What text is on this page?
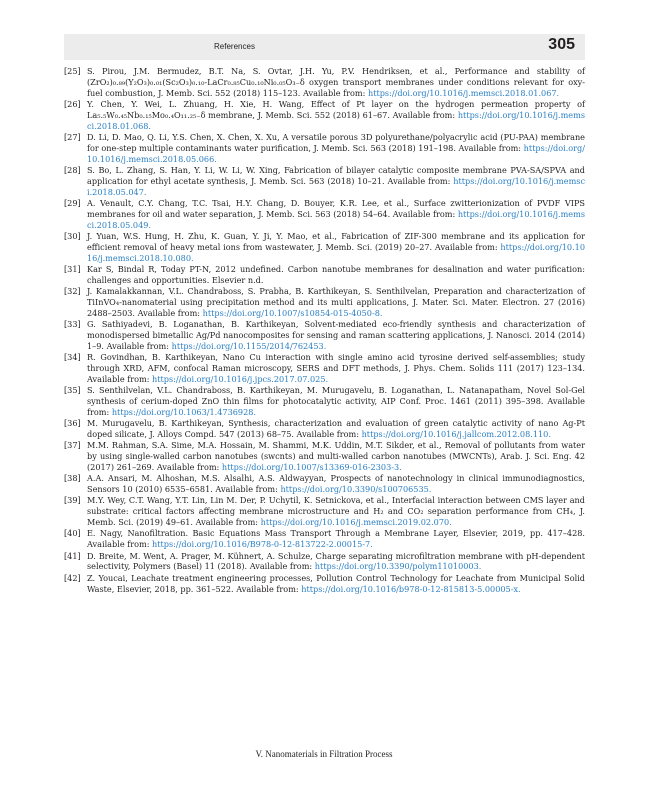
References	305
[25] S. Pirou, J.M. Bermudez, B.T. Na, S. Ovtar, J.H. Yu, P.V. Hendriksen, et al., Performance and stability of (ZrO₂)₀.₈₉(Y₂O₃)₀.₀₁(Sc₂O₃)₀.₁₀-LaCr₀.₈₅Cu₀.₁₀Ni₀.₀₅O₃₋δ oxygen transport membranes under conditions relevant for oxy-fuel combustion, J. Memb. Sci. 552 (2018) 115–123. Available from: https://doi.org/10.1016/j.memsci.2018.01.067.
[26] Y. Chen, Y. Wei, L. Zhuang, H. Xie, H. Wang, Effect of Pt layer on the hydrogen permeation property of La₅.₅W₀.₄₅Nb₀.₁₅Mo₀.₄O₁₁.₂₅₋δ membrane, J. Memb. Sci. 552 (2018) 61–67. Available from: https://doi.org/10.1016/j.memsci.2018.01.068.
[27] D. Li, D. Mao, Q. Li, Y.S. Chen, X. Chen, X. Xu, A versatile porous 3D polyurethane/polyacrylic acid (PU-PAA) membrane for one-step multiple contaminants water purification, J. Memb. Sci. 563 (2018) 191–198. Available from: https://doi.org/10.1016/j.memsci.2018.05.066.
[28] S. Bo, L. Zhang, S. Han, Y. Li, W. Li, W. Xing, Fabrication of bilayer catalytic composite membrane PVA-SA/SPVA and application for ethyl acetate synthesis, J. Memb. Sci. 563 (2018) 10–21. Available from: https://doi.org/10.1016/j.memsci.2018.05.047.
[29] A. Venault, C.Y. Chang, T.C. Tsai, H.Y. Chang, D. Bouyer, K.R. Lee, et al., Surface zwitterionization of PVDF VIPS membranes for oil and water separation, J. Memb. Sci. 563 (2018) 54–64. Available from: https://doi.org/10.1016/j.memsci.2018.05.049.
[30] J. Yuan, W.S. Hung, H. Zhu, K. Guan, Y. Ji, Y. Mao, et al., Fabrication of ZIF-300 membrane and its application for efficient removal of heavy metal ions from wastewater, J. Memb. Sci. (2019) 20–27. Available from: https://doi.org/10.1016/j.memsci.2018.10.080.
[31] Kar S, Bindal R, Today PT-N, 2012 undefined. Carbon nanotube membranes for desalination and water purification: challenges and opportunities. Elsevier n.d.
[32] J. Kamalakkannan, V.L. Chandraboss, S. Prabha, B. Karthikeyan, S. Senthilvelan, Preparation and characterization of TiInVO₄-nanomaterial using precipitation method and its multi applications, J. Mater. Sci. Mater. Electron. 27 (2016) 2488–2503. Available from: https://doi.org/10.1007/s10854-015-4050-8.
[33] G. Sathiyadevi, B. Loganathan, B. Karthikeyan, Solvent-mediated eco-friendly synthesis and characterization of monodispersed bimetallic Ag/Pd nanocomposites for sensing and raman scattering applications, J. Nanosci. 2014 (2014) 1–9. Available from: https://doi.org/10.1155/2014/762453.
[34] R. Govindhan, B. Karthikeyan, Nano Cu interaction with single amino acid tyrosine derived self-assemblies; study through XRD, AFM, confocal Raman microscopy, SERS and DFT methods, J. Phys. Chem. Solids 111 (2017) 123–134. Available from: https://doi.org/10.1016/j.jpcs.2017.07.025.
[35] S. Senthilvelan, V.L. Chandraboss, B. Karthikeyan, M. Murugavelu, B. Loganathan, L. Natanapatham, Novel Sol-Gel synthesis of cerium-doped ZnO thin films for photocatalytic activity, AIP Conf. Proc. 1461 (2011) 395–398. Available from: https://doi.org/10.1063/1.4736928.
[36] M. Murugavelu, B. Karthikeyan, Synthesis, characterization and evaluation of green catalytic activity of nano Ag-Pt doped silicate, J. Alloys Compd. 547 (2013) 68–75. Available from: https://doi.org/10.1016/j.jallcom.2012.08.110.
[37] M.M. Rahman, S.A. Sime, M.A. Hossain, M. Shammi, M.K. Uddin, M.T. Sikder, et al., Removal of pollutants from water by using single-walled carbon nanotubes (swcnts) and multi-walled carbon nanotubes (MWCNTs), Arab. J. Sci. Eng. 42 (2017) 261–269. Available from: https://doi.org/10.1007/s13369-016-2303-3.
[38] A.A. Ansari, M. Alhoshan, M.S. Alsalhi, A.S. Aldwayyan, Prospects of nanotechnology in clinical immunodiagnostics, Sensors 10 (2010) 6535–6581. Available from: https://doi.org/10.3390/s100706535.
[39] M.Y. Wey, C.T. Wang, Y.T. Lin, Lin M. Der, P. Uchytil, K. Setnickova, et al., Interfacial interaction between CMS layer and substrate: critical factors affecting membrane microstructure and H₂ and CO₂ separation performance from CH₄, J. Memb. Sci. (2019) 49–61. Available from: https://doi.org/10.1016/j.memsci.2019.02.070.
[40] E. Nagy, Nanofiltration. Basic Equations Mass Transport Through a Membrane Layer, Elsevier, 2019, pp. 417–428. Available from: https://doi.org/10.1016/B978-0-12-813722-2.00015-7.
[41] D. Breite, M. Went, A. Prager, M. Kühnert, A. Schulze, Charge separating microfiltration membrane with pH-dependent selectivity, Polymers (Basel) 11 (2018). Available from: https://doi.org/10.3390/polym11010003.
[42] Z. Youcai, Leachate treatment engineering processes, Pollution Control Technology for Leachate from Municipal Solid Waste, Elsevier, 2018, pp. 361–522. Available from: https://doi.org/10.1016/b978-0-12-815813-5.00005-x.
V. Nanomaterials in Filtration Process
